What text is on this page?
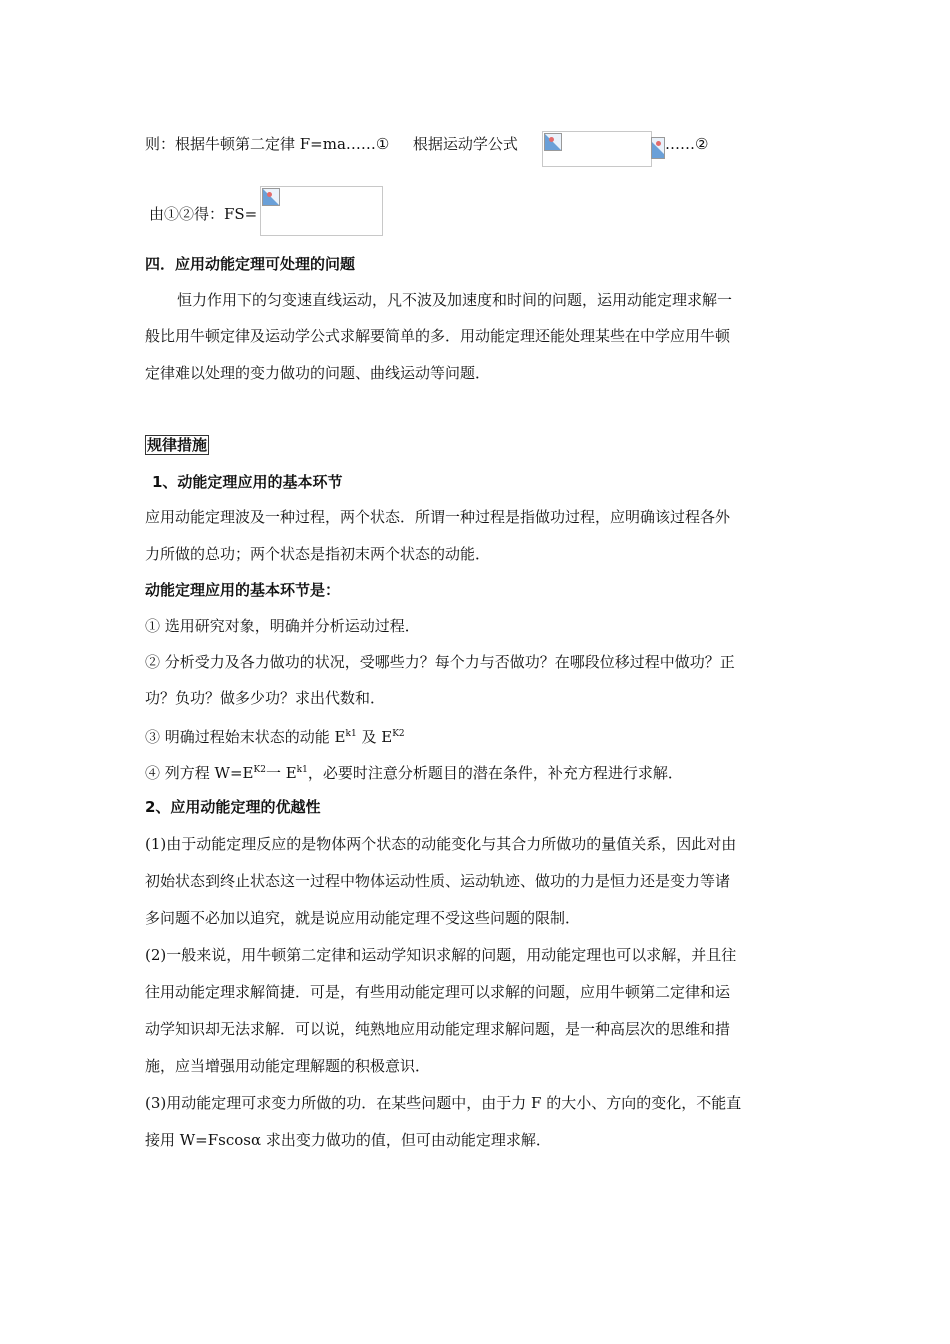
则：根据牛顿第二定律 F=ma……① 根据运动学公式	……②
由①②得：FS=
四．应用动能定理可处理的问题
恒力作用下的匀变速直线运动，凡不波及加速度和时间的问题，运用动能定理求解一
般比用牛顿定律及运动学公式求解要简单的多．用动能定理还能处理某些在中学应用牛顿
定律难以处理的变力做功的问题、曲线运动等问题．
规律措施
1、动能定理应用的基本环节
应用动能定理波及一种过程，两个状态．所谓一种过程是指做功过程，应明确该过程各外
力所做的总功；两个状态是指初末两个状态的动能．
动能定理应用的基本环节是：
① 选用研究对象，明确并分析运动过程．
② 分析受力及各力做功的状况，受哪些力？每个力与否做功？在哪段位移过程中做功？正
功？负功？做多少功？求出代数和．
③ 明确过程始末状态的动能 $E^{k1}$ 及 $E^{K2}$
④ 列方程 $W=E^{K2}$一 $E^{k1}$，必要时注意分析题目的潜在条件，补充方程进行求解．
2、应用动能定理的优越性
(1)由于动能定理反应的是物体两个状态的动能变化与其合力所做功的量值关系，因此对由
初始状态到终止状态这一过程中物体运动性质、运动轨迹、做功的力是恒力还是变力等诸
多问题不必加以追究，就是说应用动能定理不受这些问题的限制．
(2)一般来说，用牛顿第二定律和运动学知识求解的问题，用动能定理也可以求解，并且往
往用动能定理求解简捷．可是，有些用动能定理可以求解的问题，应用牛顿第二定律和运
动学知识却无法求解．可以说，纯熟地应用动能定理求解问题，是一种高层次的思维和措
施，应当增强用动能定理解题的积极意识．
(3)用动能定理可求变力所做的功．在某些问题中，由于力 F 的大小、方向的变化，不能直
接用 W=Fscosα 求出变力做功的值，但可由动能定理求解．
